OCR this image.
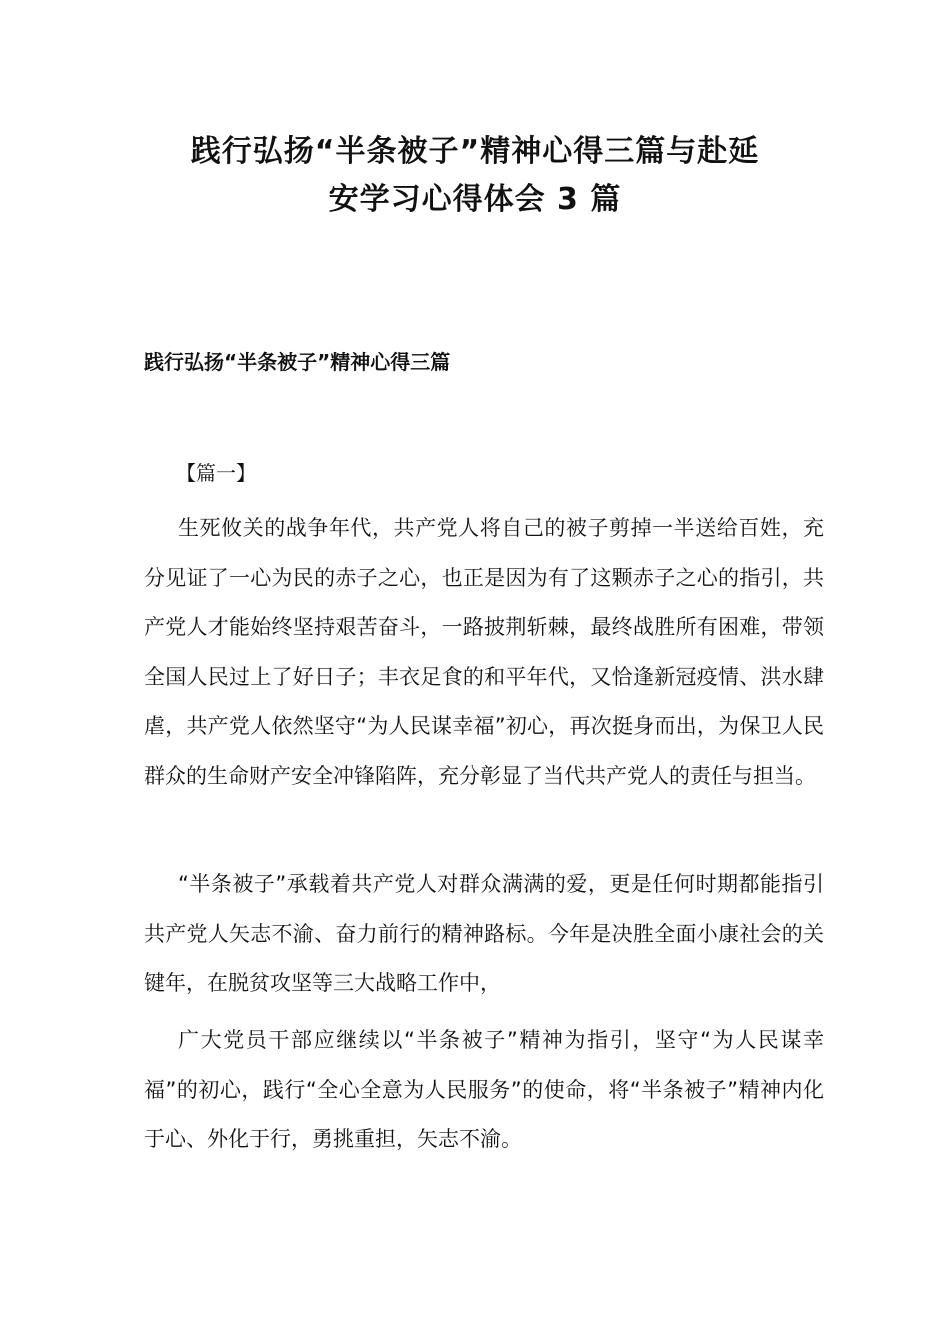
践行弘扬“半条被子”精神心得三篇与赴延
安学习心得体会 3 篇
践行弘扬“半条被子”精神心得三篇
【篇一】

生死攸关的战争年代，共产党人将自己的被子剪掉一半送给百姓，充分见证了一心为民的赤子之心，也正是因为有了这颗赤子之心的指引，共产党人才能始终坚持艰苦奋斗，一路披荆斩棘，最终战胜所有困难，带领全国人民过上了好日子；丰衣足食的和平年代，又恰逢新冠疫情、洪水肆虐，共产党人依然坚守“为人民谋幸福”初心，再次挺身而出，为保卫人民群众的生命财产安全冲锋陷阵，充分彰显了当代共产党人的责任与担当。

“半条被子”承载着共产党人对群众满满的爱，更是任何时期都能指引共产党人矢志不渝、奋力前行的精神路标。今年是决胜全面小康社会的关键年，在脱贫攻坚等三大战略工作中，

广大党员干部应继续以“半条被子”精神为指引，坚守“为人民谋幸福”的初心，践行“全心全意为人民服务”的使命，将“半条被子”精神内化于心、外化于行，勇挑重担，矢志不渝。
